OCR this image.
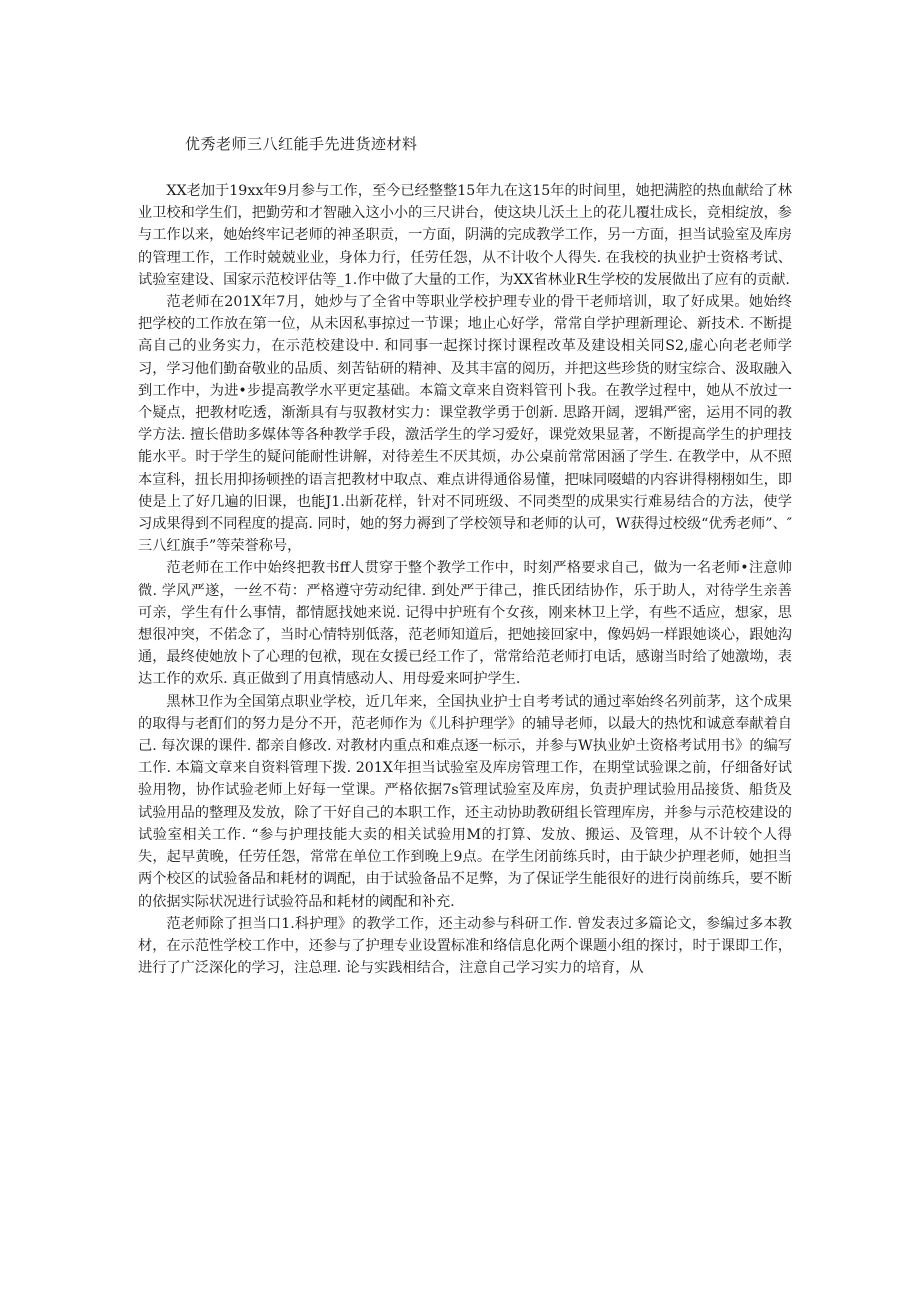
优秀老师三八红能手先进货迹材料

XX老加于19xx年9月参与工作，至今已经整整15年九在这15年的时间里，她把满腔的热血献给了林业卫校和学生们，把勤劳和才智融入这小小的三尺讲台，使这块儿沃土上的花儿覆壮成长，竞相绽放，参与工作以来，她始终牢记老师的神圣职贡，一方面，阴满的完成教学工作，另一方面，担当试验室及库房的管理工作，工作时兢兢业业，身体力行，任劳任怨，从不计收个人得失. 在我校的执业护士资格考试、试验室建设、国家示范校评估等_1.作中做了大量的工作，为XX省林业R生学校的发展做出了应有的贡献.

范老师在201X年7月，她炒与了全省中等职业学校护理专业的骨干老师培训，取了好成果。她始终把学校的工作放在第一位，从未因私事掠过一节课；地止心好学，常常自学护理新理论、新技术. 不断提高自己的业务实力，在示范校建设中. 和同事一起探讨探讨课程改革及建设相关同S2,虚心向老老师学习，学习他们勤奋敬业的品质、刻苦钻研的精神、及其丰富的阅历，并把这些珍货的财宝综合、汲取融入到工作中，为进•步提高教学水平更定基础。本篇文章来自资料管刊卜我。在教学过程中，她从不放过一个疑点，把教材吃透，渐渐具有与驭教材实力：课堂教学勇于创新. 思路开阔，逻辑严密，运用不同的教学方法. 擅长借助多媒体等各种教学手段，激活学生的学习爱好，课党效果显著，不断提高学生的护理技能水平。时于学生的疑问能耐性讲解，对待差生不厌其烦，办公桌前常常困涵了学生. 在教学中，从不照本宣科，扭长用抑扬顿挫的语言把教材中取点、难点讲得通俗易懂，把味同啜蜡的内容讲得栩栩如生，即使是上了好几遍的旧课，也能J1.出新花样，针对不同班级、不同类型的成果实行难易结合的方法，使学习成果得到不同程度的提高. 同时，她的努力褥到了学校领导和老师的认可，W获得过校级“优秀老师”、″三八红旗手”等荣誉称号，

范老师在工作中始终把教书ff人贯穿于整个教学工作中，时刻严格要求自己，做为一名老师•注意帅微. 学风严遂，一丝不苟：严格遵守劳动纪律. 到处严于律己，推氏团结协作，乐于助人，对待学生亲善可亲，学生有什么事情，都情愿找她来说. 记得中护班有个女孩，刚来林卫上学，有些不适应，想家，思想很冲突，不偌念了，当时心情特别低落，范老师知道后，把她接回家中，像妈妈一样跟她谈心，跟她沟通，最终使她放卜了心理的包袱，现在女援已经工作了，常常给范老师打电话，感谢当时给了她激坳，表达工作的欢乐. 真正做到了用真情感动人、用母爱来呵护学生.

黑林卫作为全国第点职业学校，近几年来，全国执业护士自考考试的通过率始终名列前茅，这个成果的取得与老酊们的努力是分不开，范老师作为《儿科护理学》的辅导老师，以最大的热忱和诚意奉献着自己. 每次课的课件. 都亲自修改. 对教材内重点和难点逐一标示，并参与W执业妒土资格考试用书》的编写工作. 本篇文章来自资料管理下拨. 201X年担当试验室及库房管理工作，在期堂试验课之前，仔细备好试验用物，协作试验老师上好每一堂课。严格依据7s管理试验室及库房，负责护理试验用品接货、船货及试验用品的整理及发放，除了干好自己的本职工作，还主动协助教研组长管理库房，并参与示范校建设的试验室相关工作. “参与护理技能大卖的相关试验用M的打算、发放、搬运、及管理，从不计较个人得失，起早黄晚，任劳任怨，常常在单位工作到晚上9点。在学生闭前练兵时，由于缺少护理老师，她担当两个校区的试验备品和耗材的调配，由于试验备品不足弊，为了保证学生能很好的进行岗前练兵，要不断的依据实际状况进行试验符品和耗材的阈配和补充.

范老师除了担当口1.科护理》的教学工作，还主动参与科研工作. 曾发表过多篇论文，参编过多本教材，在示范性学校工作中，还参与了护理专业设置标准和络信息化两个课题小组的探讨，时于课即工作，进行了广泛深化的学习，注总理. 论与实践相结合，注意自己学习实力的培育，从
